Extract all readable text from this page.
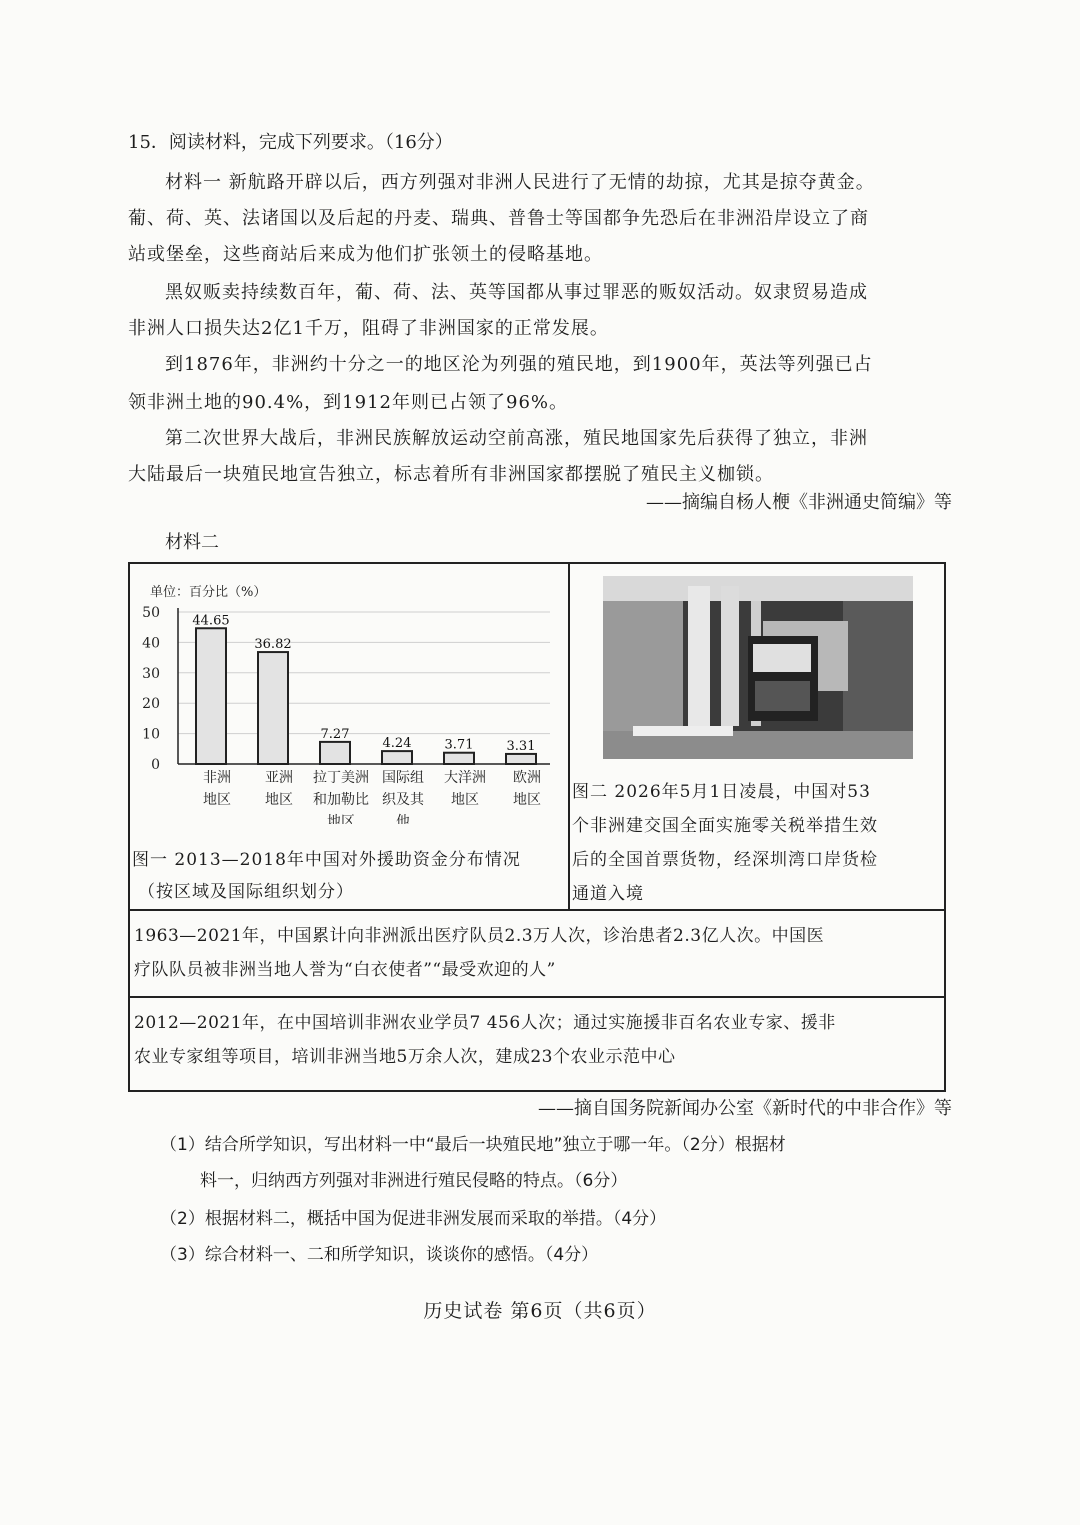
15．阅读材料，完成下列要求。（16分）
材料一 新航路开辟以后，西方列强对非洲人民进行了无情的劫掠，尤其是掠夺黄金。
葡、荷、英、法诸国以及后起的丹麦、瑞典、普鲁士等国都争先恐后在非洲沿岸设立了商
站或堡垒，这些商站后来成为他们扩张领土的侵略基地。
黑奴贩卖持续数百年，葡、荷、法、英等国都从事过罪恶的贩奴活动。奴隶贸易造成
非洲人口损失达2亿1千万，阻碍了非洲国家的正常发展。
到1876年，非洲约十分之一的地区沦为列强的殖民地，到1900年，英法等列强已占
领非洲土地的90.4%，到1912年则已占领了96%。
第二次世界大战后，非洲民族解放运动空前高涨，殖民地国家先后获得了独立，非洲
大陆最后一块殖民地宣告独立，标志着所有非洲国家都摆脱了殖民主义枷锁。
——摘编自杨人楩《非洲通史简编》等
材料二
单位：百分比（%）
0
10
20
30
40
50 44.65
非洲
地区
36.82
亚洲
地区
7.27
拉丁美洲
和加勒比
地区
4.24
国际组
织及其
他
3.71
大洋洲
地区
3.31
欧洲
地区
图一 2013—2018年中国对外援助资金分布情况
（按区域及国际组织划分）
图二 2026年5月1日凌晨，中国对53
个非洲建交国全面实施零关税举措生效
后的全国首票货物，经深圳湾口岸货检
通道入境
1963—2021年，中国累计向非洲派出医疗队员2.3万人次，诊治患者2.3亿人次。中国医
疗队队员被非洲当地人誉为“白衣使者”“最受欢迎的人”
2012—2021年，在中国培训非洲农业学员7 456人次；通过实施援非百名农业专家、援非
农业专家组等项目，培训非洲当地5万余人次，建成23个农业示范中心
——摘自国务院新闻办公室《新时代的中非合作》等
（1）结合所学知识，写出材料一中“最后一块殖民地”独立于哪一年。（2分）根据材
料一，归纳西方列强对非洲进行殖民侵略的特点。（6分）
（2）根据材料二，概括中国为促进非洲发展而采取的举措。（4分）
（3）综合材料一、二和所学知识，谈谈你的感悟。（4分）
历史试卷 第6页（共6页）
